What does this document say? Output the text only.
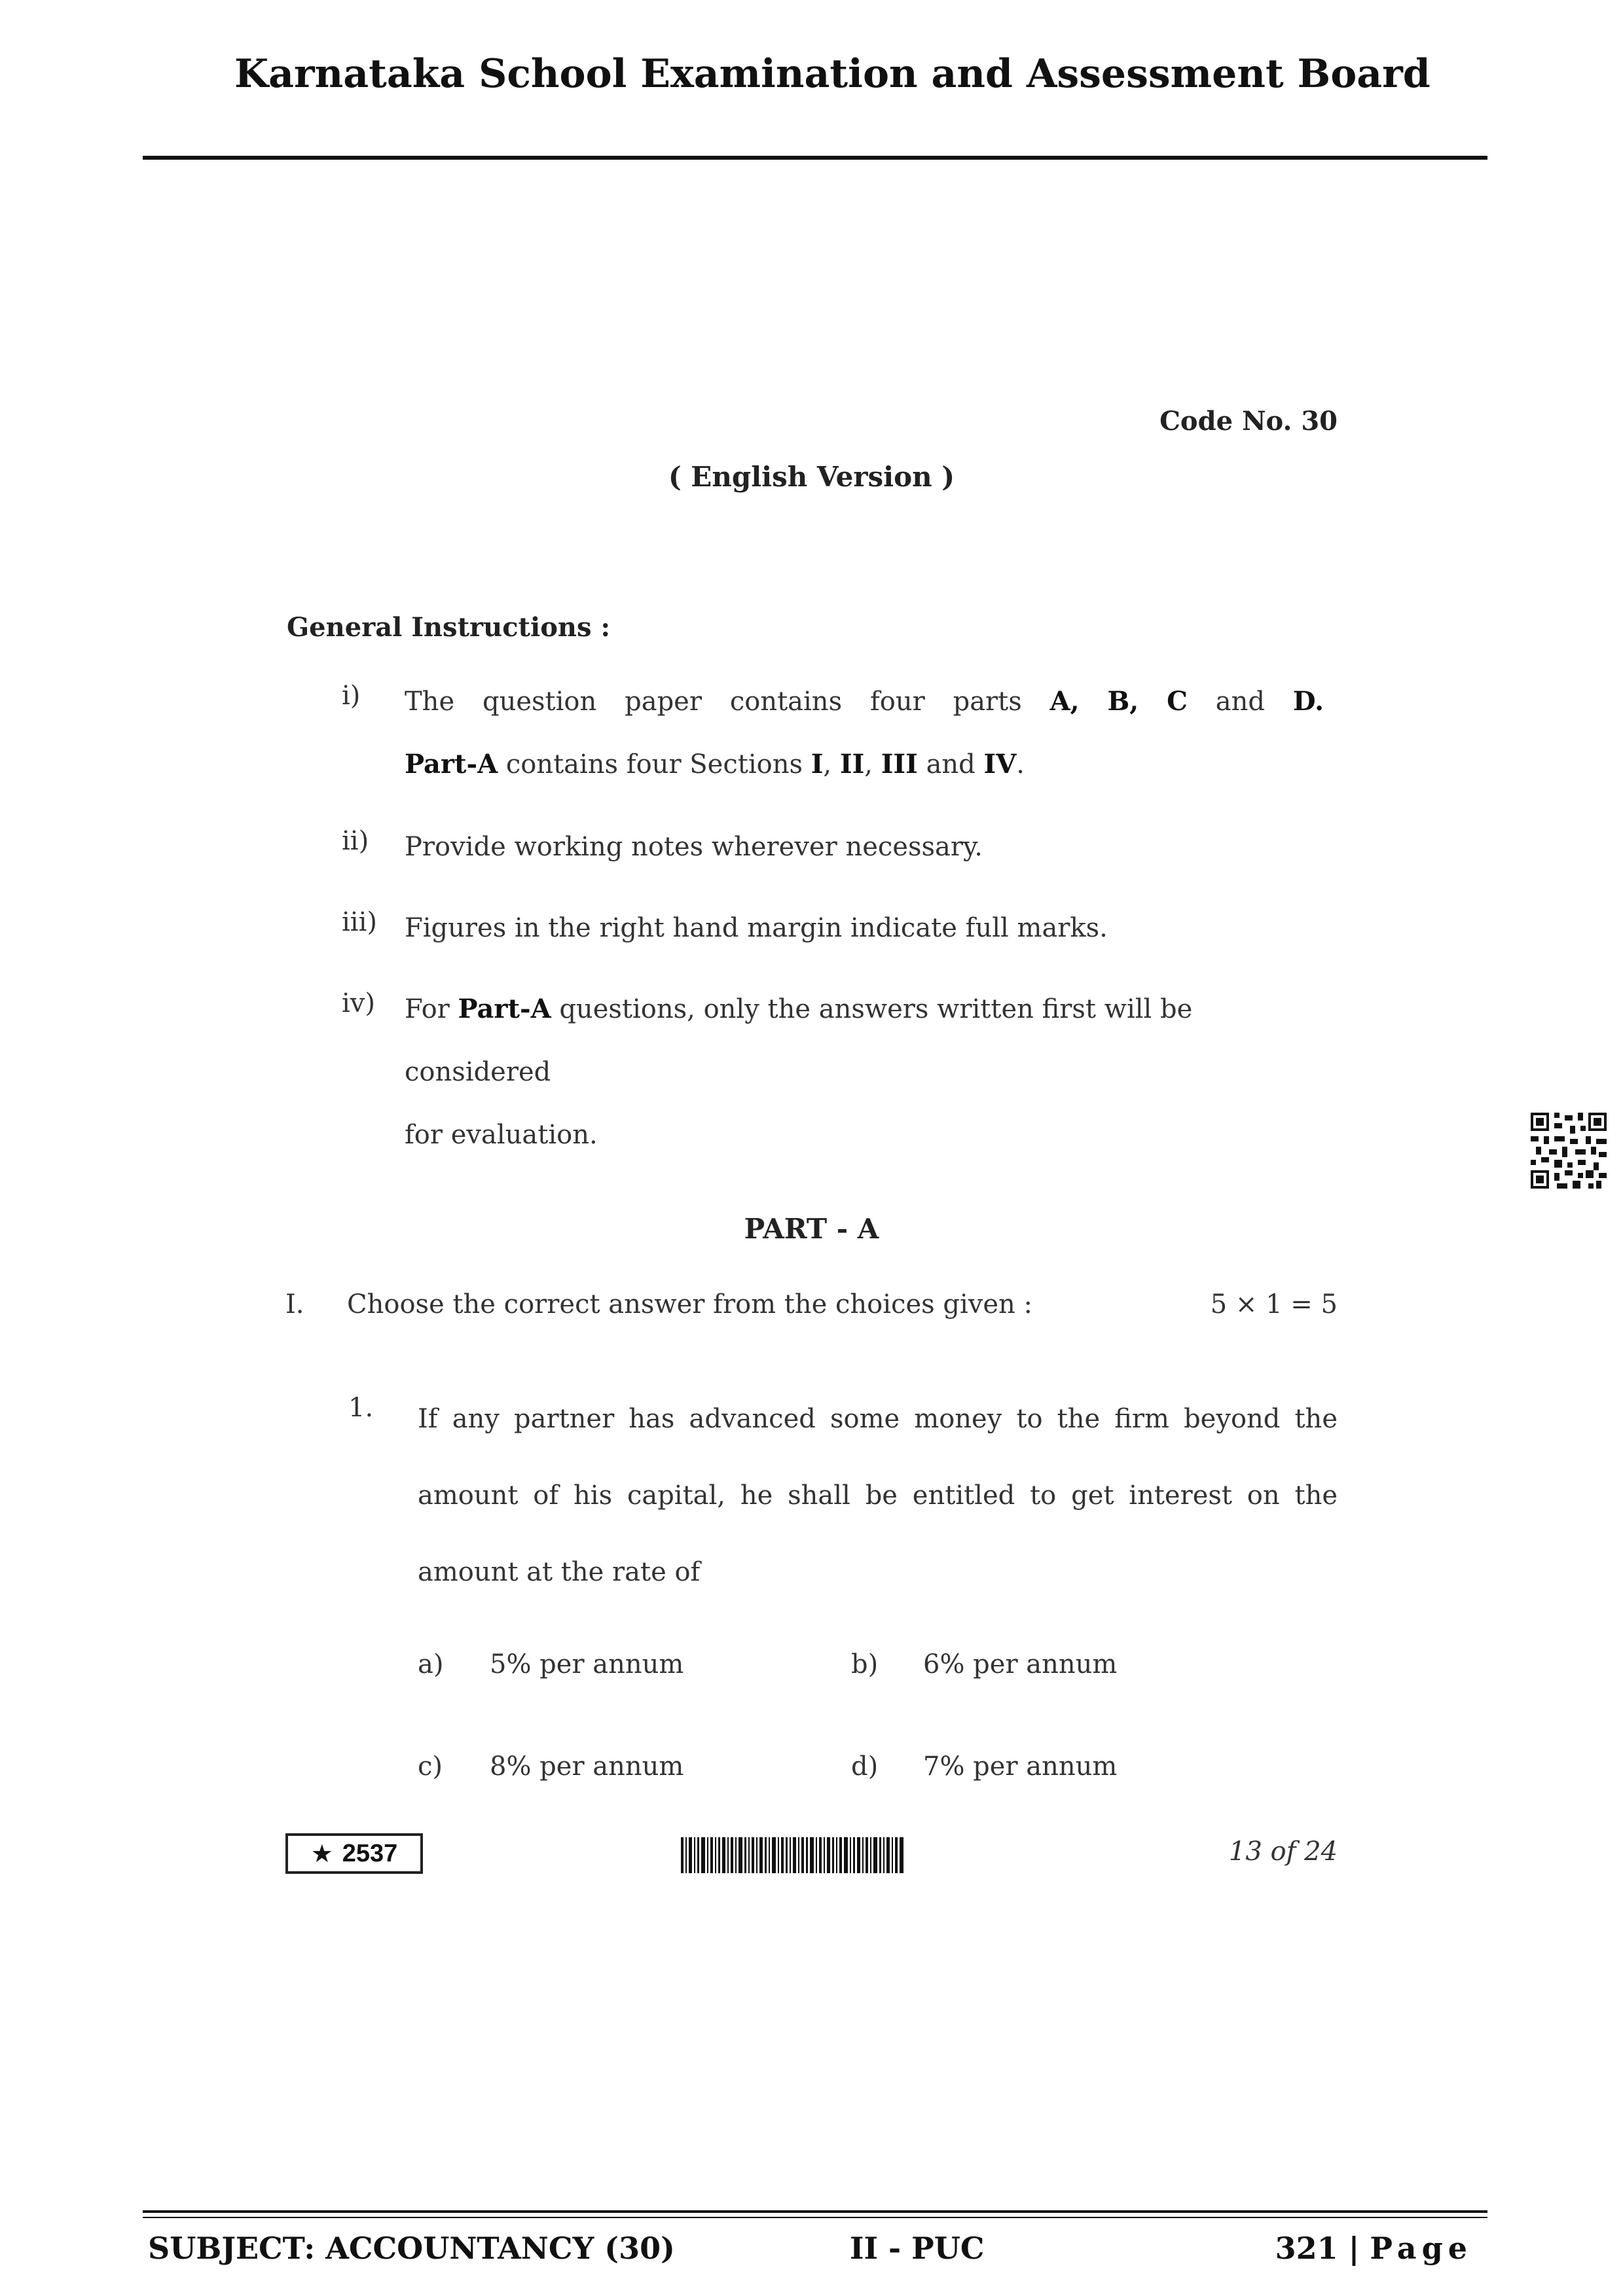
Karnataka School Examination and Assessment Board
Code No. 30
( English Version )
General Instructions :
i) The question paper contains four parts A, B, C and D.
Part-A contains four Sections I, II, III and IV.
ii) Provide working notes wherever necessary.
iii) Figures in the right hand margin indicate full marks.
iv) For Part-A questions, only the answers written first will be considered
for evaluation.
PART - A
I. Choose the correct answer from the choices given :	5 × 1 = 5
1. If any partner has advanced some money to the firm beyond the
amount of his capital, he shall be entitled to get interest on the
amount at the rate of
a) 5% per annum	b) 6% per annum
c) 8% per annum	d) 7% per annum
★ 2537	13 of 24
SUBJECT: ACCOUNTANCY (30)	II - PUC	321 | Page
